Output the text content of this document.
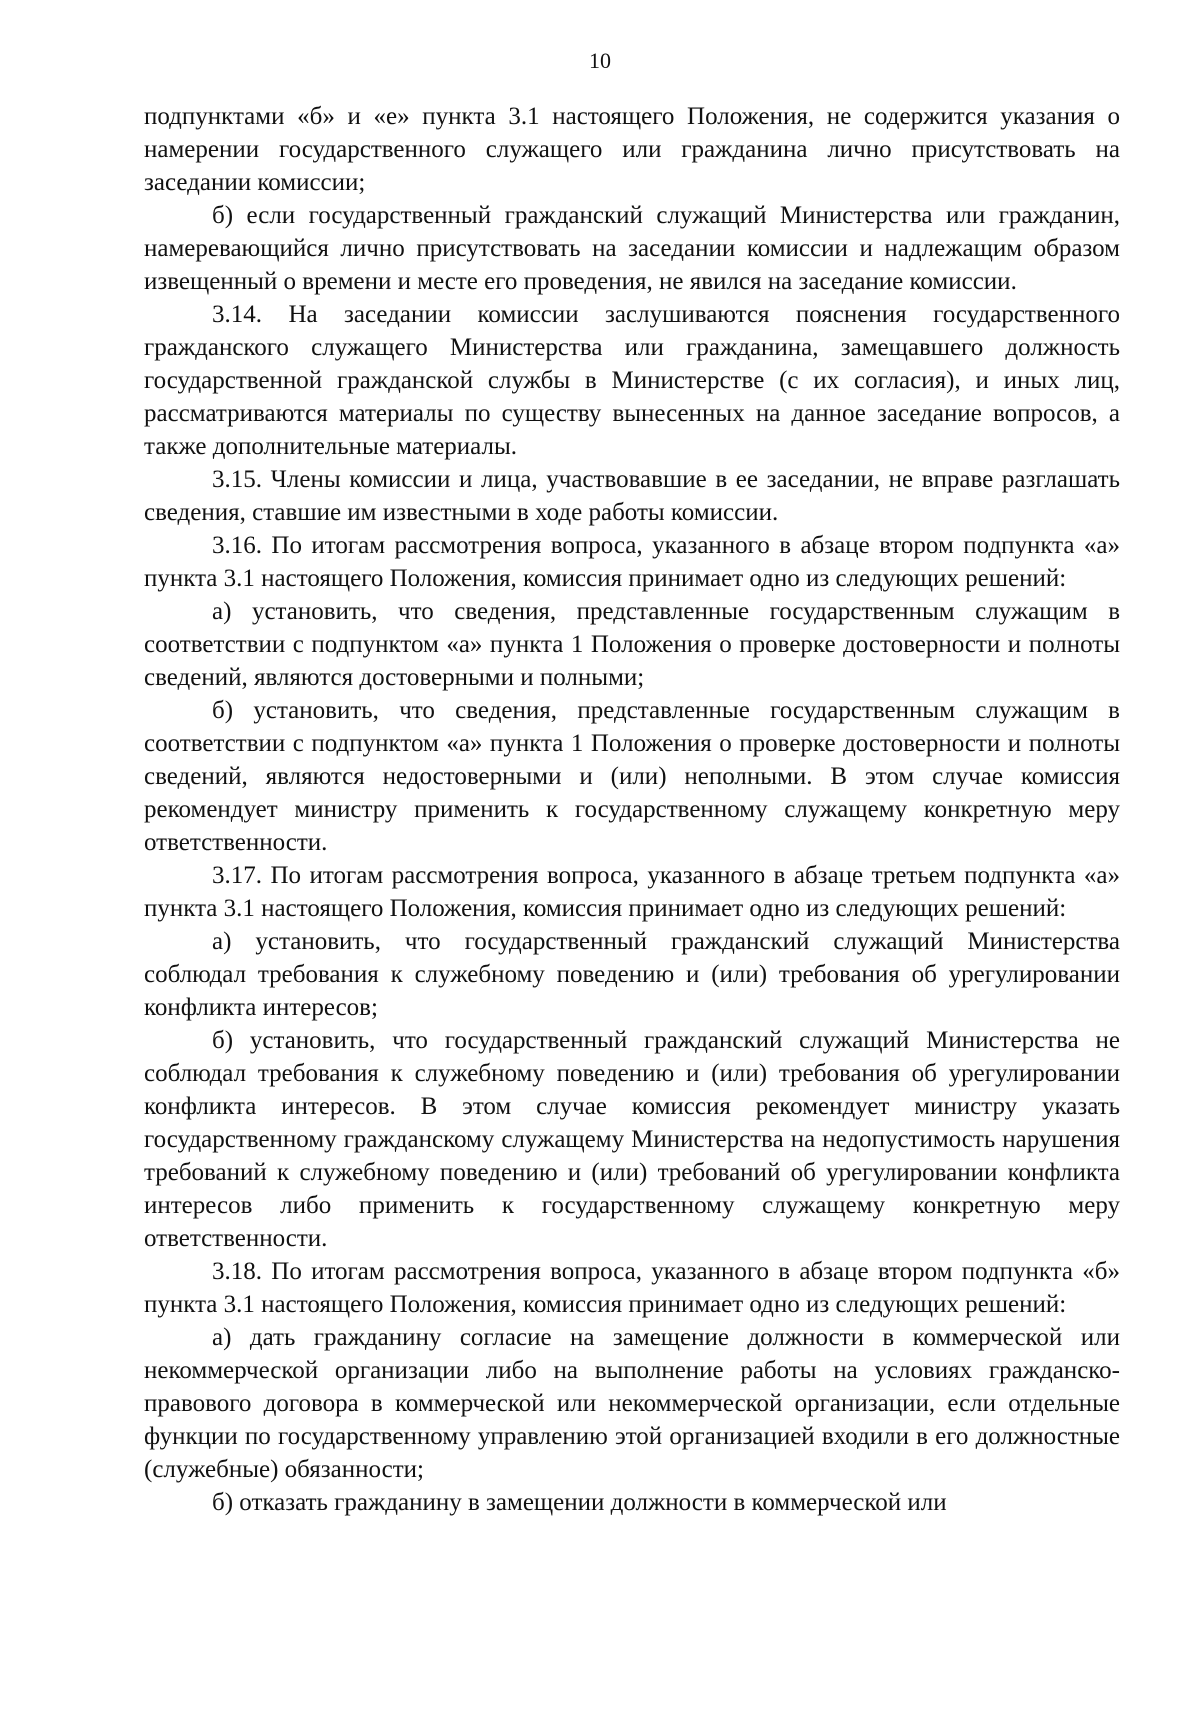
10

подпунктами «б» и «е» пункта 3.1 настоящего Положения, не содержится указания о намерении государственного служащего или гражданина лично присутствовать на заседании комиссии;

б) если государственный гражданский служащий Министерства или гражданин, намеревающийся лично присутствовать на заседании комиссии и надлежащим образом извещенный о времени и месте его проведения, не явился на заседание комиссии.

3.14. На заседании комиссии заслушиваются пояснения государственного гражданского служащего Министерства или гражданина, замещавшего должность государственной гражданской службы в Министерстве (с их согласия), и иных лиц, рассматриваются материалы по существу вынесенных на данное заседание вопросов, а также дополнительные материалы.

3.15. Члены комиссии и лица, участвовавшие в ее заседании, не вправе разглашать сведения, ставшие им известными в ходе работы комиссии.

3.16. По итогам рассмотрения вопроса, указанного в абзаце втором подпункта «а» пункта 3.1 настоящего Положения, комиссия принимает одно из следующих решений:

а) установить, что сведения, представленные государственным служащим в соответствии с подпунктом «а» пункта 1 Положения о проверке достоверности и полноты сведений, являются достоверными и полными;

б) установить, что сведения, представленные государственным служащим в соответствии с подпунктом «а» пункта 1 Положения о проверке достоверности и полноты сведений, являются недостоверными и (или) неполными. В этом случае комиссия рекомендует министру применить к государственному служащему конкретную меру ответственности.

3.17. По итогам рассмотрения вопроса, указанного в абзаце третьем подпункта «а» пункта 3.1 настоящего Положения, комиссия принимает одно из следующих решений:

а) установить, что государственный гражданский служащий Министерства соблюдал требования к служебному поведению и (или) требования об урегулировании конфликта интересов;

б) установить, что государственный гражданский служащий Министерства не соблюдал требования к служебному поведению и (или) требования об урегулировании конфликта интересов. В этом случае комиссия рекомендует министру указать государственному гражданскому служащему Министерства на недопустимость нарушения требований к служебному поведению и (или) требований об урегулировании конфликта интересов либо применить к государственному служащему конкретную меру ответственности.

3.18. По итогам рассмотрения вопроса, указанного в абзаце втором подпункта «б» пункта 3.1 настоящего Положения, комиссия принимает одно из следующих решений:

а) дать гражданину согласие на замещение должности в коммерческой или некоммерческой организации либо на выполнение работы на условиях гражданско-правового договора в коммерческой или некоммерческой организации, если отдельные функции по государственному управлению этой организацией входили в его должностные (служебные) обязанности;

б) отказать гражданину в замещении должности в коммерческой или
